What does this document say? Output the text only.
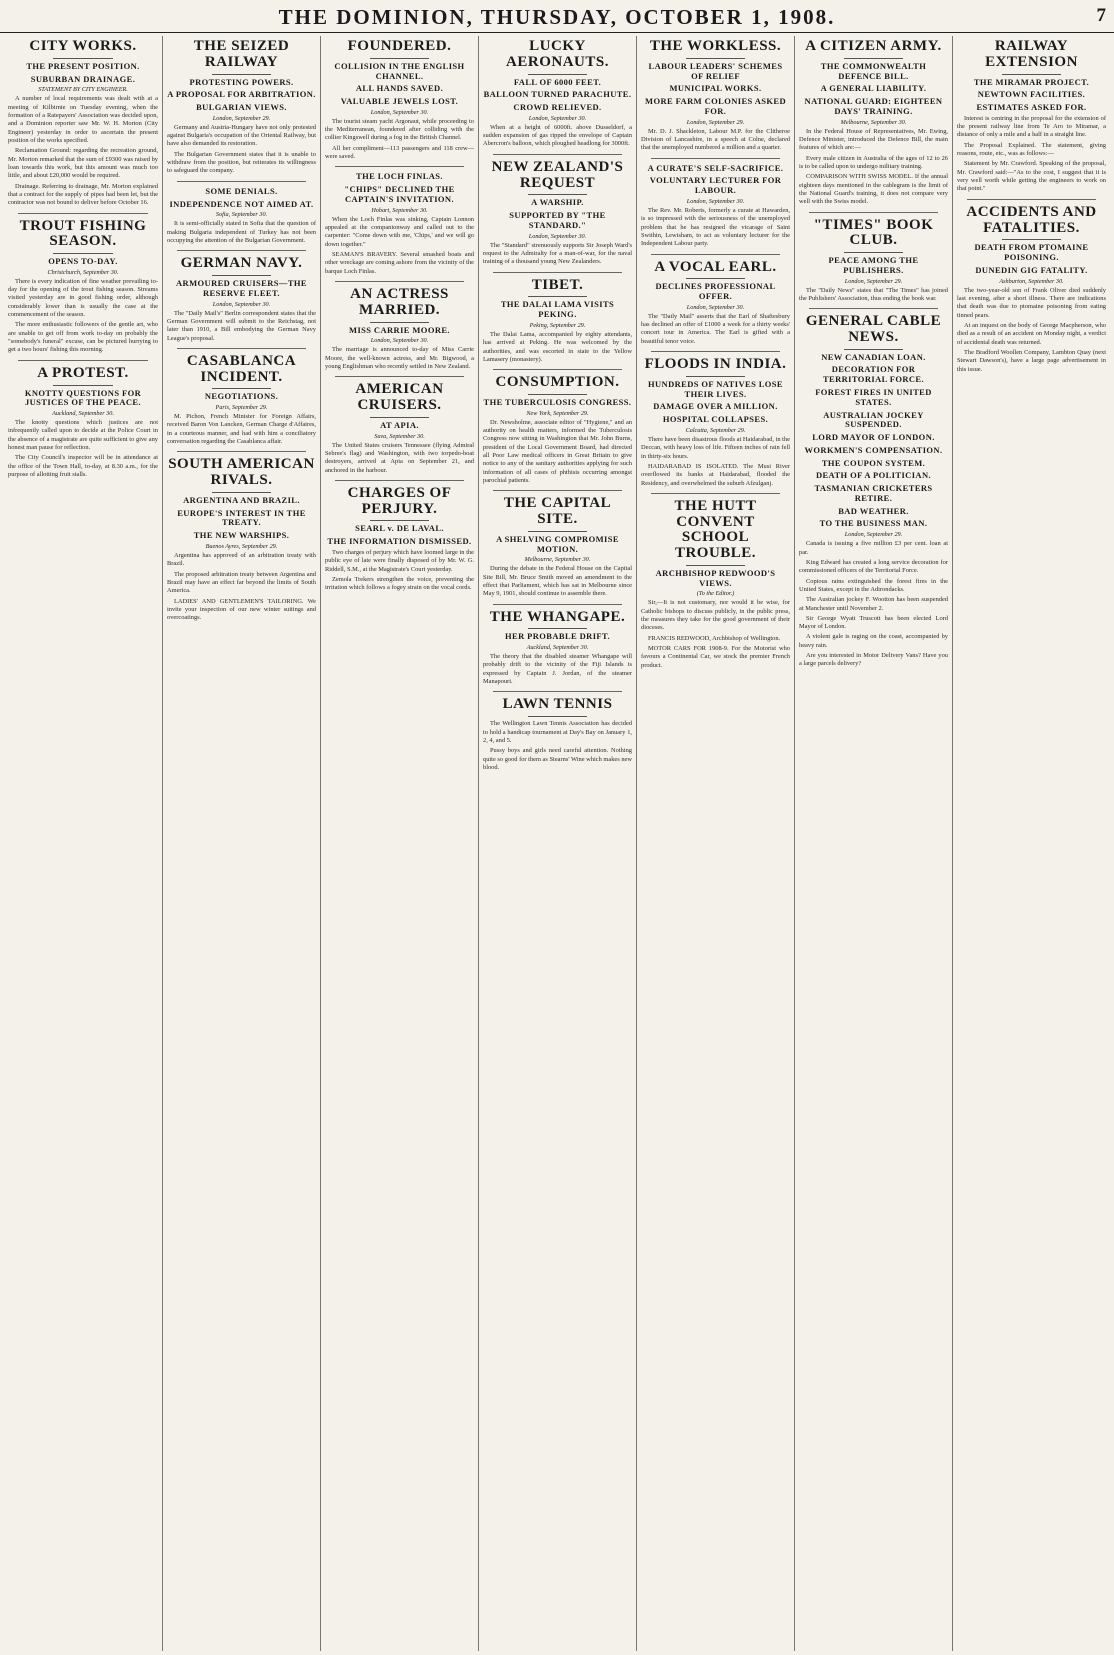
THE DOMINION, THURSDAY, OCTOBER 1, 1908.	7
CITY WORKS.
THE PRESENT POSITION.
SUBURBAN DRAINAGE.
STATEMENT BY CITY ENGINEER.

A number of local requirements was dealt with at a meeting of Kilbirnie on Tuesday evening, when the formation of a Ratepayers' Association was decided upon, and a Dominion reporter saw Mr. W. H. Morton (City Engineer) yesterday in order to ascertain the present position of the works specified.

Reclamation Ground: regarding the recreation ground, Mr. Morton remarked that the sum of £9300 was raised by loan towards this work, but this amount was much too little, and about £20,000 would be required.

Drainage. Referring to drainage, Mr. Morton explained that a contract for the supply of pipes had been let, but the contractor was not bound to deliver before October 16.

TROUT FISHING SEASON.
OPENS TO-DAY.
Christchurch, September 30.

There is every indication of fine weather prevailing to-day for the opening of the trout fishing season. Streams visited yesterday are in good fishing order, although considerably lower than is usually the case at the commencement of the season.

The more enthusiastic followers of the gentle art, who are unable to get off from work to-day on probably the "somebody's funeral" excuse, can be pictured hurrying to get a two hours' fishing this morning.

A PROTEST.
KNOTTY QUESTIONS FOR JUSTICES OF THE PEACE.
Auckland, September 30.

The knotty questions which justices are not infrequently called upon to decide at the Police Court in the absence of a magistrate are quite sufficient to give any honest man pause for reflection.

The City Council's inspector will be in attendance at the office of the Town Hall, to-day, at 8.30 a.m., for the purpose of allotting fruit stalls.

THE SEIZED RAILWAY
PROTESTING POWERS.
A PROPOSAL FOR ARBITRATION.
BULGARIAN VIEWS.
London, September 29.

Germany and Austria-Hungary have not only protested against Bulgaria's occupation of the Oriental Railway, but have also demanded its restoration.

The Bulgarian Government states that it is unable to withdraw from the position, but reiterates its willingness to safeguard the company.

SOME DENIALS.
INDEPENDENCE NOT AIMED AT.
Sofia, September 30.

It is semi-officially stated in Sofia that the question of making Bulgaria independent of Turkey has not been occupying the attention of the Bulgarian Government.

GERMAN NAVY.
ARMOURED CRUISERS—THE RESERVE FLEET.
London, September 30.

The "Daily Mail's" Berlin correspondent states that the German Government will submit to the Reichstag, not later than 1910, a Bill embodying the German Navy League's proposal.

CASABLANCA INCIDENT.
NEGOTIATIONS.
Paris, September 29.

M. Pichon, French Minister for Foreign Affairs, received Baron Von Lancken, German Charge d'Affaires, in a courteous manner, and had with him a conciliatory conversation regarding the Casablanca affair.

SOUTH AMERICAN RIVALS.
ARGENTINA AND BRAZIL.
EUROPE'S INTEREST IN THE TREATY.
THE NEW WARSHIPS.
Buenos Ayres, September 29.

Argentina has approved of an arbitration treaty with Brazil.

The proposed arbitration treaty between Argentina and Brazil may have an effect far beyond the limits of South America.

LADIES' AND GENTLEMEN'S TAILORING. We invite your inspection of our new winter suitings and overcoatings.

FOUNDERED.
COLLISION IN THE ENGLISH CHANNEL.
ALL HANDS SAVED.
VALUABLE JEWELS LOST.
London, September 30.

The tourist steam yacht Argonaut, while proceeding to the Mediterranean, foundered after colliding with the collier Kingswell during a fog in the British Channel.

All her compliment—113 passengers and 118 crew—were saved.

THE LOCH FINLAS.
"CHIPS" DECLINED THE CAPTAIN'S INVITATION.
Hobart, September 30.

When the Loch Finlas was sinking, Captain Lonnon appealed at the companionway and called out to the carpenter: "Come down with me, 'Chips,' and we will go down together."

SEAMAN'S BRAVERY. Several smashed boats and other wreckage are coming ashore from the vicinity of the barque Loch Finlas.

AN ACTRESS MARRIED.
MISS CARRIE MOORE.
London, September 30.

The marriage is announced to-day of Miss Carrie Moore, the well-known actress, and Mr. Bigwood, a young Englishman who recently settled in New Zealand.

AMERICAN CRUISERS.
AT APIA.
Suva, September 30.

The United States cruisers Tennessee (flying Admiral Sebree's flag) and Washington, with two torpedo-boat destroyers, arrived at Apia on September 21, and anchored in the harbour.

CHARGES OF PERJURY.
SEARL v. DE LAVAL.
THE INFORMATION DISMISSED.

Two charges of perjury which have loomed large in the public eye of late were finally disposed of by Mr. W. G. Riddell, S.M., at the Magistrate's Court yesterday.

Zemola Trekers strengthen the voice, preventing the irritation which follows a fogey strain on the vocal cords.

LUCKY AERONAUTS.
FALL OF 6000 FEET.
BALLOON TURNED PARACHUTE.
CROWD RELIEVED.
London, September 30.

When at a height of 6000ft. above Dusseldorf, a sudden expansion of gas ripped the envelope of Captain Abercron's balloon, which ploughed headlong for 3000ft.

NEW ZEALAND'S REQUEST
A WARSHIP.
SUPPORTED BY "THE STANDARD."
London, September 30.

The "Standard" strenuously supports Sir Joseph Ward's request to the Admiralty for a man-of-war, for the naval training of a thousand young New Zealanders.

TIBET.
THE DALAI LAMA VISITS PEKING.
Peking, September 29.

The Dalai Lama, accompanied by eighty attendants, has arrived at Peking. He was welcomed by the authorities, and was escorted in state to the Yellow Lamasery (monastery).

CONSUMPTION.
THE TUBERCULOSIS CONGRESS.
New York, September 29.

Dr. Newsholme, associate editor of "Hygiene," and an authority on health matters, informed the Tuberculosis Congress now sitting in Washington that Mr. John Burns, president of the Local Government Board, had directed all Poor Law medical officers in Great Britain to give notice to any of the sanitary authorities applying for such information of all cases of phthisis occurring amongst parochial patients.

THE CAPITAL SITE.
A SHELVING COMPROMISE MOTION.
Melbourne, September 30.

During the debate in the Federal House on the Capital Site Bill, Mr. Bruce Smith moved an amendment to the effect that Parliament, which has sat in Melbourne since May 9, 1901, should continue to assemble there.

THE WHANGAPE.
HER PROBABLE DRIFT.
Auckland, September 30.

The theory that the disabled steamer Whangape will probably drift to the vicinity of the Fiji Islands is expressed by Captain J. Jordan, of the steamer Manapouri.

LAWN TENNIS

The Wellington Lawn Tennis Association has decided to hold a handicap tournament at Day's Bay on January 1, 2, 4, and 5.

Pussy boys and girls need careful attention. Nothing quite so good for them as Stearns' Wine which makes new blood.

THE WORKLESS.
LABOUR LEADERS' SCHEMES OF RELIEF
MUNICIPAL WORKS.
MORE FARM COLONIES ASKED FOR.
London, September 29.

Mr. D. J. Shackleton, Labour M.P. for the Clitheroe Division of Lancashire, in a speech at Colne, declared that the unemployed numbered a million and a quarter.

A CURATE'S SELF-SACRIFICE.
VOLUNTARY LECTURER FOR LABOUR.
London, September 30.

The Rev. Mr. Roberts, formerly a curate at Hawarden, is so impressed with the seriousness of the unemployed problem that he has resigned the vicarage of Saint Swithin, Lewisham, to act as voluntary lecturer for the Independent Labour party.

A VOCAL EARL.
DECLINES PROFESSIONAL OFFER.
London, September 30.

The "Daily Mail" asserts that the Earl of Shaftesbury has declined an offer of £1000 a week for a thirty weeks' concert tour in America. The Earl is gifted with a beautiful tenor voice.

FLOODS IN INDIA.
HUNDREDS OF NATIVES LOSE THEIR LIVES.
DAMAGE OVER A MILLION.
HOSPITAL COLLAPSES.
Calcutta, September 29.

There have been disastrous floods at Haidarabad, in the Deccan, with heavy loss of life. Fifteen inches of rain fell in thirty-six hours.

HAIDARABAD IS ISOLATED. The Musi River overflowed its banks at Haidarabad, flooded the Residency, and overwhelmed the suburb Afzulganj.

THE HUTT CONVENT SCHOOL TROUBLE.
ARCHBISHOP REDWOOD'S VIEWS.
(To the Editor.)

Sir,—It is not customary, nor would it be wise, for Catholic bishops to discuss publicly, in the public press, the measures they take for the good government of their dioceses.

FRANCIS REDWOOD, Archbishop of Wellington.

MOTOR CARS FOR 1908-9. For the Motorist who favours a Continental Car, we stock the premier French product.

A CITIZEN ARMY.
THE COMMONWEALTH DEFENCE BILL.
A GENERAL LIABILITY.
NATIONAL GUARD: EIGHTEEN DAYS' TRAINING.
Melbourne, September 30.

In the Federal House of Representatives, Mr. Ewing, Defence Minister, introduced the Defence Bill, the main features of which are:—

Every male citizen in Australia of the ages of 12 to 26 is to be called upon to undergo military training.

COMPARISON WITH SWISS MODEL. If the annual eighteen days mentioned in the cablegram is the limit of the National Guard's training, it does not compare very well with the Swiss model.

"TIMES" BOOK CLUB.
PEACE AMONG THE PUBLISHERS.
London, September 29.

The "Daily News" states that "The Times" has joined the Publishers' Association, thus ending the book war.

GENERAL CABLE NEWS.
NEW CANADIAN LOAN.
DECORATION FOR TERRITORIAL FORCE.
FOREST FIRES IN UNITED STATES.
AUSTRALIAN JOCKEY SUSPENDED.
LORD MAYOR OF LONDON.
WORKMEN'S COMPENSATION.
THE COUPON SYSTEM.
DEATH OF A POLITICIAN.
TASMANIAN CRICKETERS RETIRE.
BAD WEATHER.
TO THE BUSINESS MAN.
London, September 29.

Canada is issuing a five million £3 per cent. loan at par.

King Edward has created a long service decoration for commissioned officers of the Territorial Force.

Copious rains extinguished the forest fires in the United States, except in the Adirondacks.

The Australian jockey F. Wootton has been suspended at Manchester until November 2.

Sir George Wyatt Truscott has been elected Lord Mayor of London.

A violent gale is raging on the coast, accompanied by heavy rain.

Are you interested in Motor Delivery Vans? Have you a large parcels delivery?

RAILWAY EXTENSION
THE MIRAMAR PROJECT.
NEWTOWN FACILITIES.
ESTIMATES ASKED FOR.

Interest is centring in the proposal for the extension of the present railway line from Te Aro to Miramar, a distance of only a mile and a half in a straight line.

The Proposal Explained. The statement, giving reasons, route, etc., was as follows:—

Statement by Mr. Crawford. Speaking of the proposal, Mr. Crawford said:—"As to the cost, I suggest that it is very well worth while getting the engineers to work on that point."

ACCIDENTS AND FATALITIES.
DEATH FROM PTOMAINE POISONING.
DUNEDIN GIG FATALITY.
Ashburton, September 30.

The two-year-old son of Frank Oliver died suddenly last evening, after a short illness. There are indications that death was due to ptomaine poisoning from eating tinned pears.

At an inquest on the body of George Macpherson, who died as a result of an accident on Monday night, a verdict of accidental death was returned.

The Bradford Woollen Company, Lambton Quay (next Stewart Dawson's), have a large page advertisement in this issue.
